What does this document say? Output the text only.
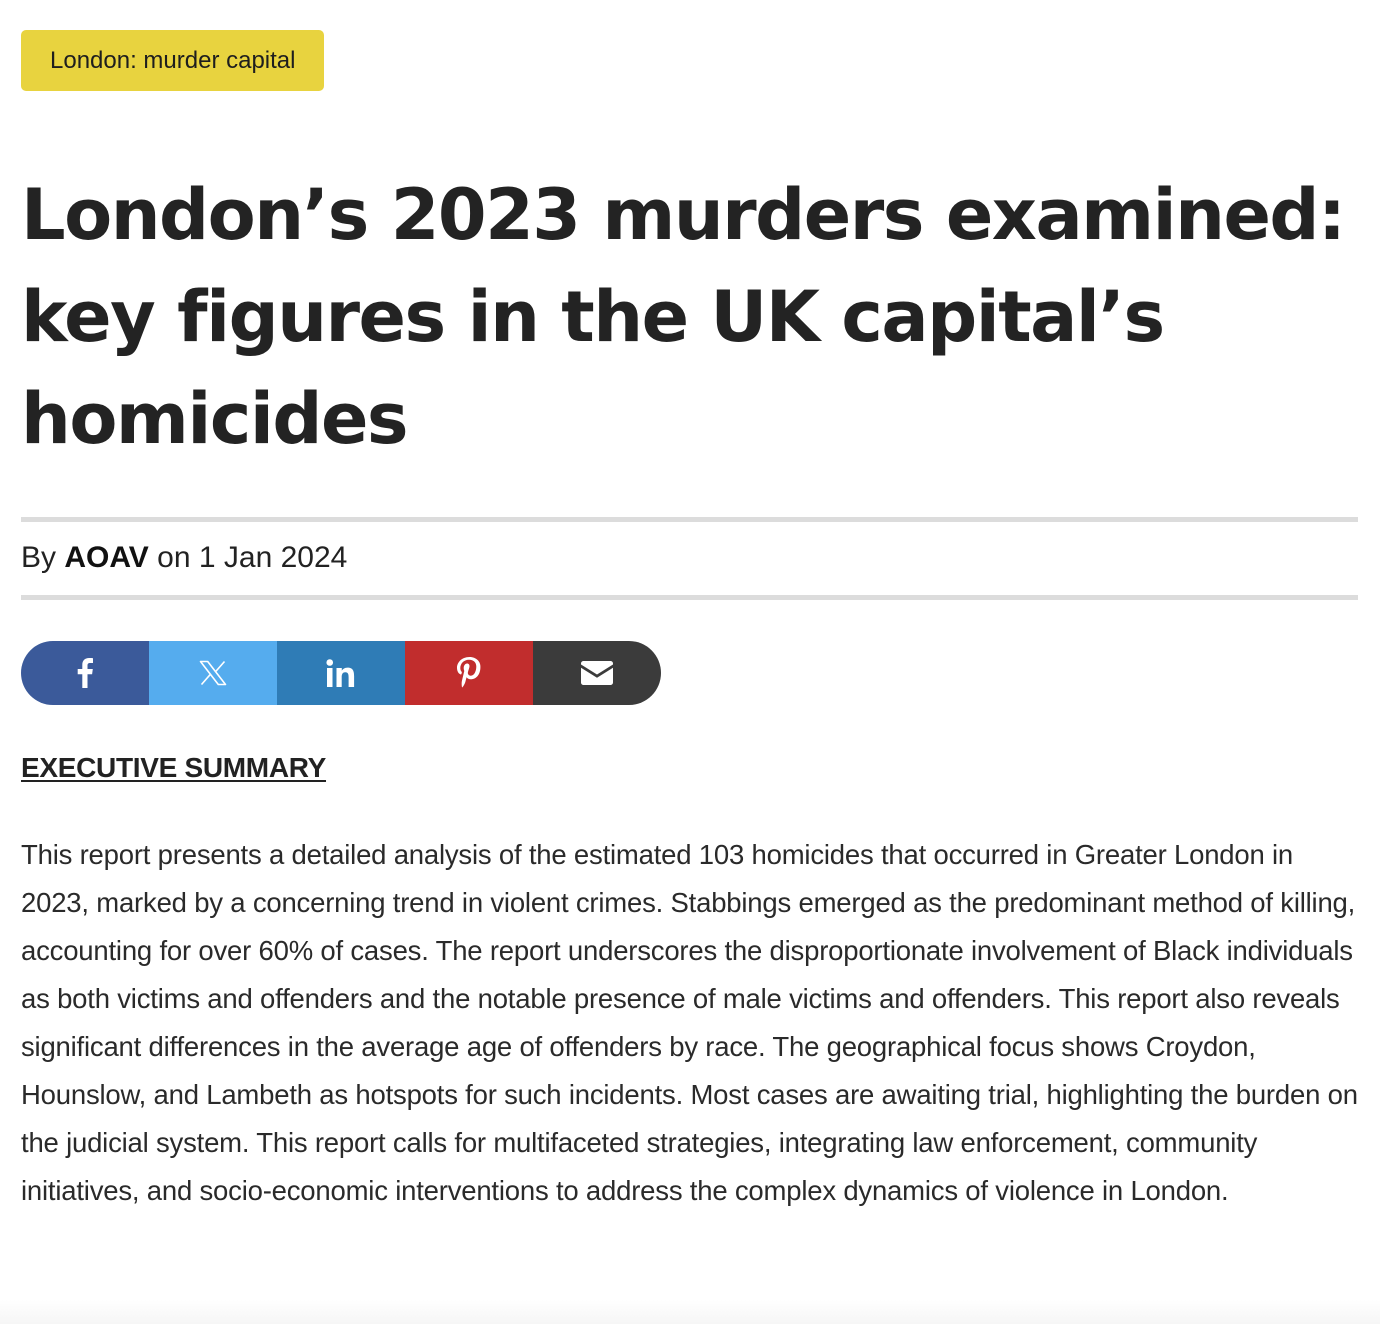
London: murder capital
London’s 2023 murders examined: key figures in the UK capital’s homicides
By AOAV on 1 Jan 2024
EXECUTIVE SUMMARY

This report presents a detailed analysis of the estimated 103 homicides that occurred in Greater London in 2023, marked by a concerning trend in violent crimes. Stabbings emerged as the predominant method of killing, accounting for over 60% of cases. The report underscores the disproportionate involvement of Black individuals as both victims and offenders and the notable presence of male victims and offenders. This report also reveals significant differences in the average age of offenders by race. The geographical focus shows Croydon, Hounslow, and Lambeth as hotspots for such incidents. Most cases are awaiting trial, highlighting the burden on the judicial system. This report calls for multifaceted strategies, integrating law enforcement, community initiatives, and socio-economic interventions to address the complex dynamics of violence in London.
